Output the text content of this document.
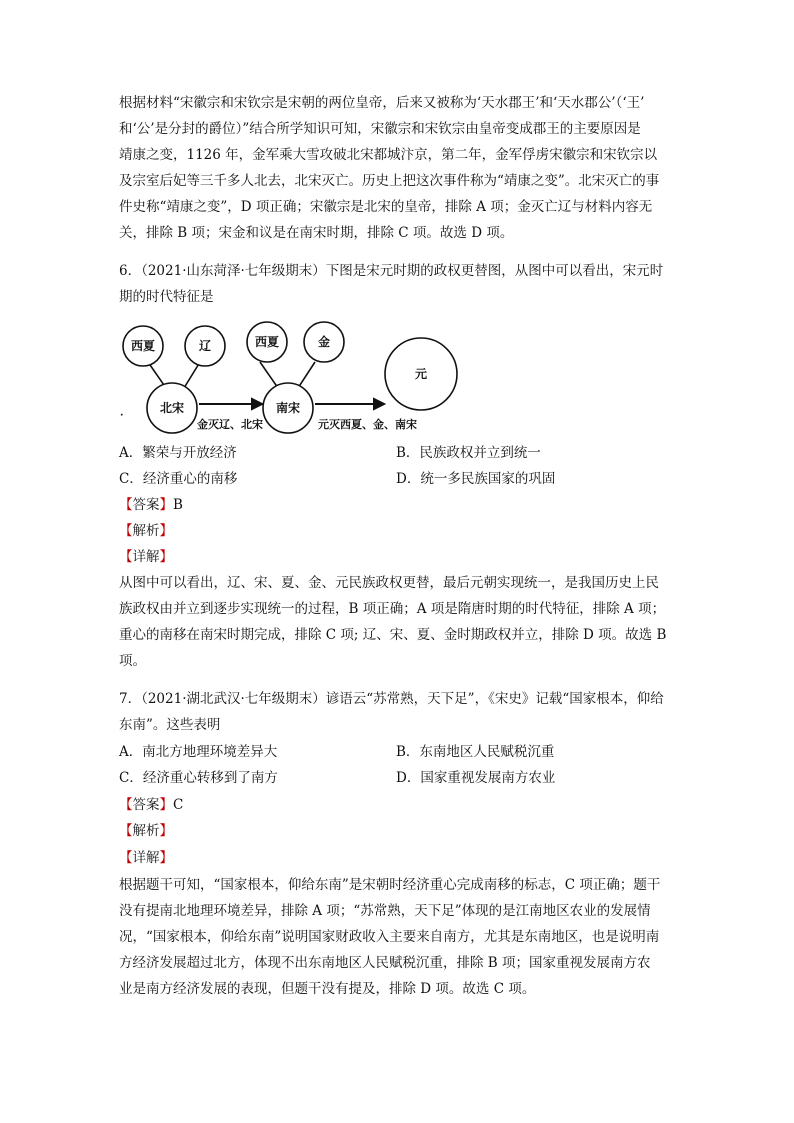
根据材料“宋徽宗和宋钦宗是宋朝的两位皇帝，后来又被称为‘天水郡王’和‘天水郡公’（‘王’
和‘公’是分封的爵位）”结合所学知识可知，宋徽宗和宋钦宗由皇帝变成郡王的主要原因是
靖康之变，1126 年，金军乘大雪攻破北宋都城汴京，第二年，金军俘虏宋徽宗和宋钦宗以
及宗室后妃等三千多人北去，北宋灭亡。历史上把这次事件称为“靖康之变”。北宋灭亡的事
件史称“靖康之变”，D 项正确；宋徽宗是北宋的皇帝，排除 A 项；金灭亡辽与材料内容无
关，排除 B 项；宋金和议是在南宋时期，排除 C 项。故选 D 项。
6．（2021·山东菏泽·七年级期末）下图是宋元时期的政权更替图，从图中可以看出，宋元时
期的时代特征是
西夏	辽
北宋
西夏	金
南宋
元
金灭辽、北宋	元灭西夏、金、南宋
·
A．繁荣与开放经济	B．民族政权并立到统一
C．经济重心的南移	D．统一多民族国家的巩固
【答案】B
【解析】
【详解】
从图中可以看出，辽、宋、夏、金、元民族政权更替，最后元朝实现统一，是我国历史上民
族政权由并立到逐步实现统一的过程，B 项正确；A 项是隋唐时期的时代特征，排除 A 项；
重心的南移在南宋时期完成，排除 C 项; 辽、宋、夏、金时期政权并立，排除 D 项。故选 B
项。
7．（2021·湖北武汉·七年级期末）谚语云“苏常熟，天下足”，《宋史》记载“国家根本，仰给
东南”。这些表明
A．南北方地理环境差异大	B．东南地区人民赋税沉重
C．经济重心转移到了南方	D．国家重视发展南方农业
【答案】C
【解析】
【详解】
根据题干可知，“国家根本，仰给东南”是宋朝时经济重心完成南移的标志，C 项正确；题干
没有提南北地理环境差异，排除 A 项；“苏常熟，天下足”体现的是江南地区农业的发展情
况，“国家根本，仰给东南”说明国家财政收入主要来自南方，尤其是东南地区，也是说明南
方经济发展超过北方，体现不出东南地区人民赋税沉重，排除 B 项；国家重视发展南方农
业是南方经济发展的表现，但题干没有提及，排除 D 项。故选 C 项。
